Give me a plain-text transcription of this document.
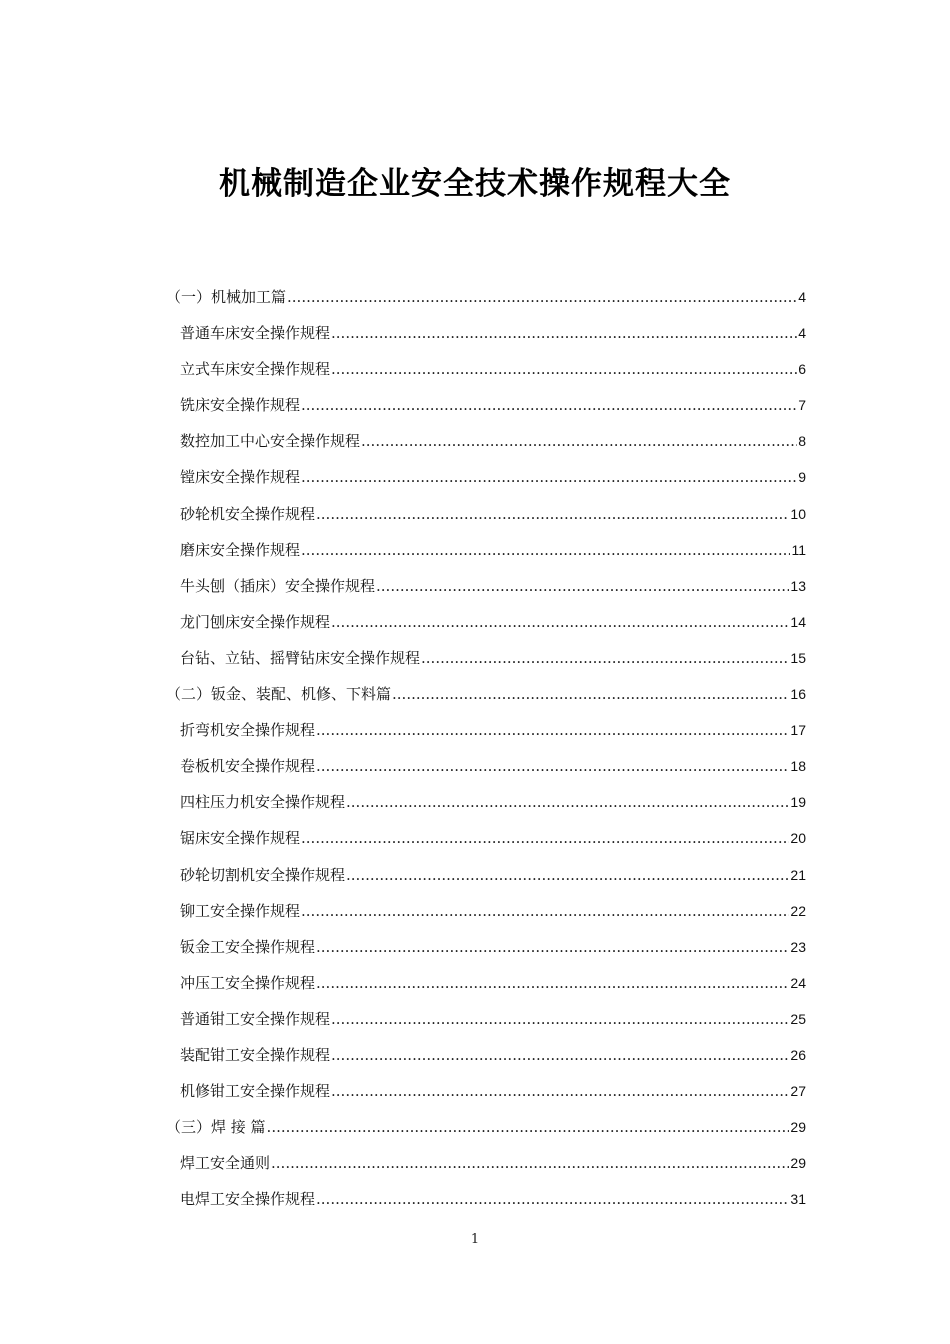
机械制造企业安全技术操作规程大全
（一）机械加工篇 .....	4
普通车床安全操作规程 .....	4
立式车床安全操作规程 .....	6
铣床安全操作规程 .....	7
数控加工中心安全操作规程 .....	8
镗床安全操作规程 .....	9
砂轮机安全操作规程 .....	10
磨床安全操作规程 .....	11
牛头刨（插床）安全操作规程 .....	13
龙门刨床安全操作规程 .....	14
台钻、立钻、摇臂钻床安全操作规程 .....	15
（二）钣金、装配、机修、下料篇 .....	16
折弯机安全操作规程 .....	17
卷板机安全操作规程 .....	18
四柱压力机安全操作规程 .....	19
锯床安全操作规程 .....	20
砂轮切割机安全操作规程 .....	21
铆工安全操作规程 .....	22
钣金工安全操作规程 .....	23
冲压工安全操作规程 .....	24
普通钳工安全操作规程 .....	25
装配钳工安全操作规程 .....	26
机修钳工安全操作规程 .....	27
（三）焊 接 篇 .....	29
焊工安全通则 .....	29
电焊工安全操作规程 .....	31
1
